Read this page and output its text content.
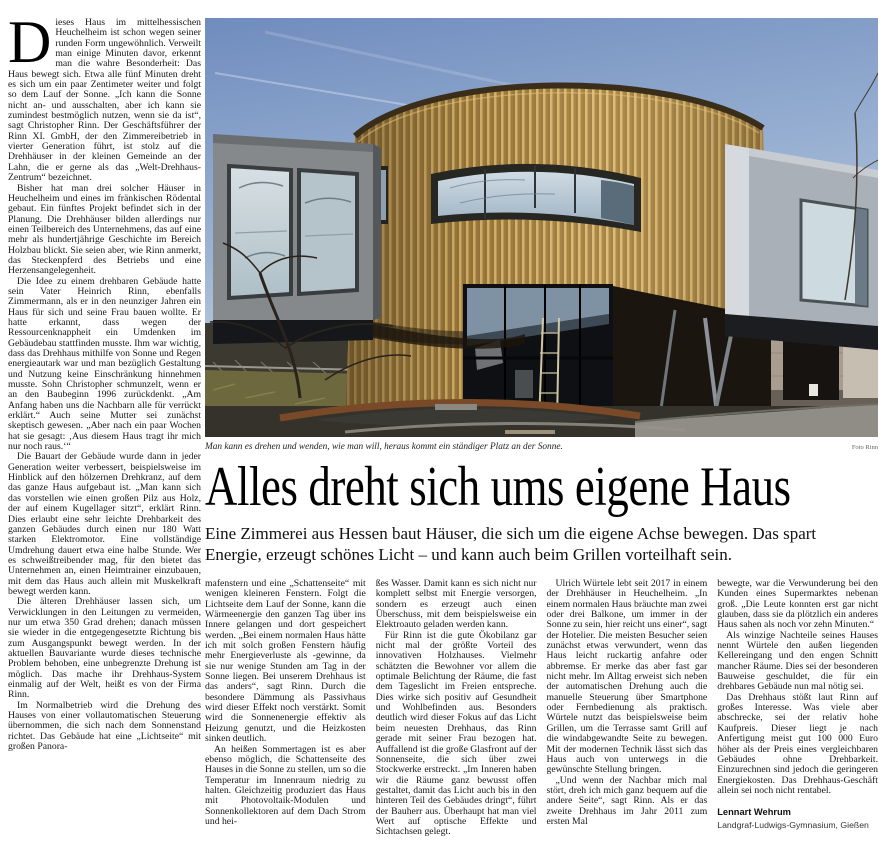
Dieses Haus im mittelhessischen Heuchelheim ist schon wegen seiner runden Form ungewöhnlich. Verweilt man einige Minuten davor, erkennt man die wahre Besonderheit: Das Haus bewegt sich. Etwa alle fünf Minuten dreht es sich um ein paar Zentimeter weiter und folgt so dem Lauf der Sonne. „Ich kann die Sonne nicht an- und ausschalten, aber ich kann sie zumindest bestmöglich nutzen, wenn sie da ist“, sagt Christopher Rinn. Der Geschäftsführer der Rinn XI. GmbH, der den Zimmereibetrieb in vierter Generation führt, ist stolz auf die Drehhäuser in der kleinen Gemeinde an der Lahn, die er gerne als das „Welt-Drehhaus-Zentrum“ bezeichnet.

Bisher hat man drei solcher Häuser in Heuchelheim und eines im fränkischen Rödental gebaut. Ein fünftes Projekt befindet sich in der Planung. Die Drehhäuser bilden allerdings nur einen Teilbereich des Unternehmens, das auf eine mehr als hundertjährige Geschichte im Bereich Holzbau blickt. Sie seien aber, wie Rinn anmerkt, das Steckenpferd des Betriebs und eine Herzensangelegenheit.

Die Idee zu einem drehbaren Gebäude hatte sein Vater Heinrich Rinn, ebenfalls Zimmermann, als er in den neunziger Jahren ein Haus für sich und seine Frau bauen wollte. Er hatte erkannt, dass wegen der Ressourcenknappheit ein Umdenken im Gebäudebau stattfinden musste. Ihm war wichtig, dass das Drehhaus mithilfe von Sonne und Regen energieautark war und man bezüglich Gestaltung und Nutzung keine Einschränkung hinnehmen musste. Sohn Christopher schmunzelt, wenn er an den Baubeginn 1996 zurückdenkt. „Am Anfang haben uns die Nachbarn alle für verrückt erklärt.“ Auch seine Mutter sei zunächst skeptisch gewesen. „Aber nach ein paar Wochen hat sie gesagt: ‚Aus diesem Haus tragt ihr mich nur noch raus.‘“

Die Bauart der Gebäude wurde dann in jeder Generation weiter verbessert, beispielsweise im Hinblick auf den hölzernen Drehkranz, auf dem das ganze Haus aufgebaut ist. „Man kann sich das vorstellen wie einen großen Pilz aus Holz, der auf einem Kugellager sitzt“, erklärt Rinn. Dies erlaubt eine sehr leichte Drehbarkeit des ganzen Gebäudes durch einen nur 180 Watt starken Elektromotor. Eine vollständige Umdrehung dauert etwa eine halbe Stunde. Wer es schweißtreibender mag, für den bietet das Unternehmen an, einen Heimtrainer einzubauen, mit dem das Haus auch allein mit Muskelkraft bewegt werden kann.

Die älteren Drehhäuser lassen sich, um Verwicklungen in den Leitungen zu vermeiden, nur um etwa 350 Grad drehen; danach müssen sie wieder in die entgegengesetzte Richtung bis zum Ausgangspunkt bewegt werden. In der aktuellen Bauvariante wurde dieses technische Problem behoben, eine unbegrenzte Drehung ist möglich. Das mache ihr Drehhaus-System einmalig auf der Welt, heißt es von der Firma Rinn.

Im Normalbetrieb wird die Drehung des Hauses von einer vollautomatischen Steuerung übernommen, die sich nach dem Sonnenstand richtet. Das Gebäude hat eine „Lichtseite“ mit großen Panora-

Man kann es drehen und wenden, wie man will, heraus kommt ein ständiger Platz an der Sonne.	Foto Rinn
Alles dreht sich ums eigene Haus

Eine Zimmerei aus Hessen baut Häuser, die sich um die eigene Achse bewegen. Das spart Energie, erzeugt schönes Licht – und kann auch beim Grillen vorteilhaft sein.

mafenstern und eine „Schattenseite“ mit wenigen kleineren Fenstern. Folgt die Lichtseite dem Lauf der Sonne, kann die Wärmeenergie den ganzen Tag über ins Innere gelangen und dort gespeichert werden. „Bei einem normalen Haus hätte ich mit solch großen Fenstern häufig mehr Energieverluste als -gewinne, da sie nur wenige Stunden am Tag in der Sonne liegen. Bei unserem Drehhaus ist das anders“, sagt Rinn. Durch die besondere Dämmung als Passivhaus wird dieser Effekt noch verstärkt. Somit wird die Sonnenenergie effektiv als Heizung genutzt, und die Heizkosten sinken deutlich.

An heißen Sommertagen ist es aber ebenso möglich, die Schattenseite des Hauses in die Sonne zu stellen, um so die Temperatur im Innenraum niedrig zu halten. Gleichzeitig produziert das Haus mit Photovoltaik-Modulen und Sonnenkollektoren auf dem Dach Strom und hei-

ßes Wasser. Damit kann es sich nicht nur komplett selbst mit Energie versorgen, sondern es erzeugt auch einen Überschuss, mit dem beispielsweise ein Elektroauto geladen werden kann.

Für Rinn ist die gute Ökobilanz gar nicht mal der größte Vorteil des innovativen Holzhauses. Vielmehr schätzten die Bewohner vor allem die optimale Belichtung der Räume, die fast dem Tageslicht im Freien entspreche. Dies wirke sich positiv auf Gesundheit und Wohlbefinden aus. Besonders deutlich wird dieser Fokus auf das Licht beim neuesten Drehhaus, das Rinn gerade mit seiner Frau bezogen hat. Auffallend ist die große Glasfront auf der Sonnenseite, die sich über zwei Stockwerke erstreckt. „Im Inneren haben wir die Räume ganz bewusst offen gestaltet, damit das Licht auch bis in den hinteren Teil des Gebäudes dringt“, führt der Bauherr aus. Überhaupt hat man viel Wert auf optische Effekte und Sichtachsen gelegt.

Ulrich Würtele lebt seit 2017 in einem der Drehhäuser in Heuchelheim. „In einem normalen Haus bräuchte man zwei oder drei Balkone, um immer in der Sonne zu sein, hier reicht uns einer“, sagt der Hotelier. Die meisten Besucher seien zunächst etwas verwundert, wenn das Haus leicht ruckartig anfahre oder abbremse. Er merke das aber fast gar nicht mehr. Im Alltag erweist sich neben der automatischen Drehung auch die manuelle Steuerung über Smartphone oder Fernbedienung als praktisch. Würtele nutzt das beispielsweise beim Grillen, um die Terrasse samt Grill auf die windabgewandte Seite zu bewegen. Mit der modernen Technik lässt sich das Haus auch von unterwegs in die gewünschte Stellung bringen.

„Und wenn der Nachbar mich mal stört, dreh ich mich ganz bequem auf die andere Seite“, sagt Rinn. Als er das zweite Drehhaus im Jahr 2011 zum ersten Mal

bewegte, war die Verwunderung bei den Kunden eines Supermarktes nebenan groß. „Die Leute konnten erst gar nicht glauben, dass sie da plötzlich ein anderes Haus sahen als noch vor zehn Minuten.“

Als winzige Nachteile seines Hauses nennt Würtele den außen liegenden Kellereingang und den engen Schnitt mancher Räume. Dies sei der besonderen Bauweise geschuldet, die für ein drehbares Gebäude nun mal nötig sei.

Das Drehhaus stößt laut Rinn auf großes Interesse. Was viele aber abschrecke, sei der relativ hohe Kaufpreis. Dieser liegt je nach Anfertigung meist gut 100 000 Euro höher als der Preis eines vergleichbaren Gebäudes ohne Drehbarkeit. Einzurechnen sind jedoch die geringeren Energiekosten. Das Drehhaus-Geschäft allein sei noch nicht rentabel.

Lennart Wehrum

Landgraf-Ludwigs-Gymnasium, Gießen
